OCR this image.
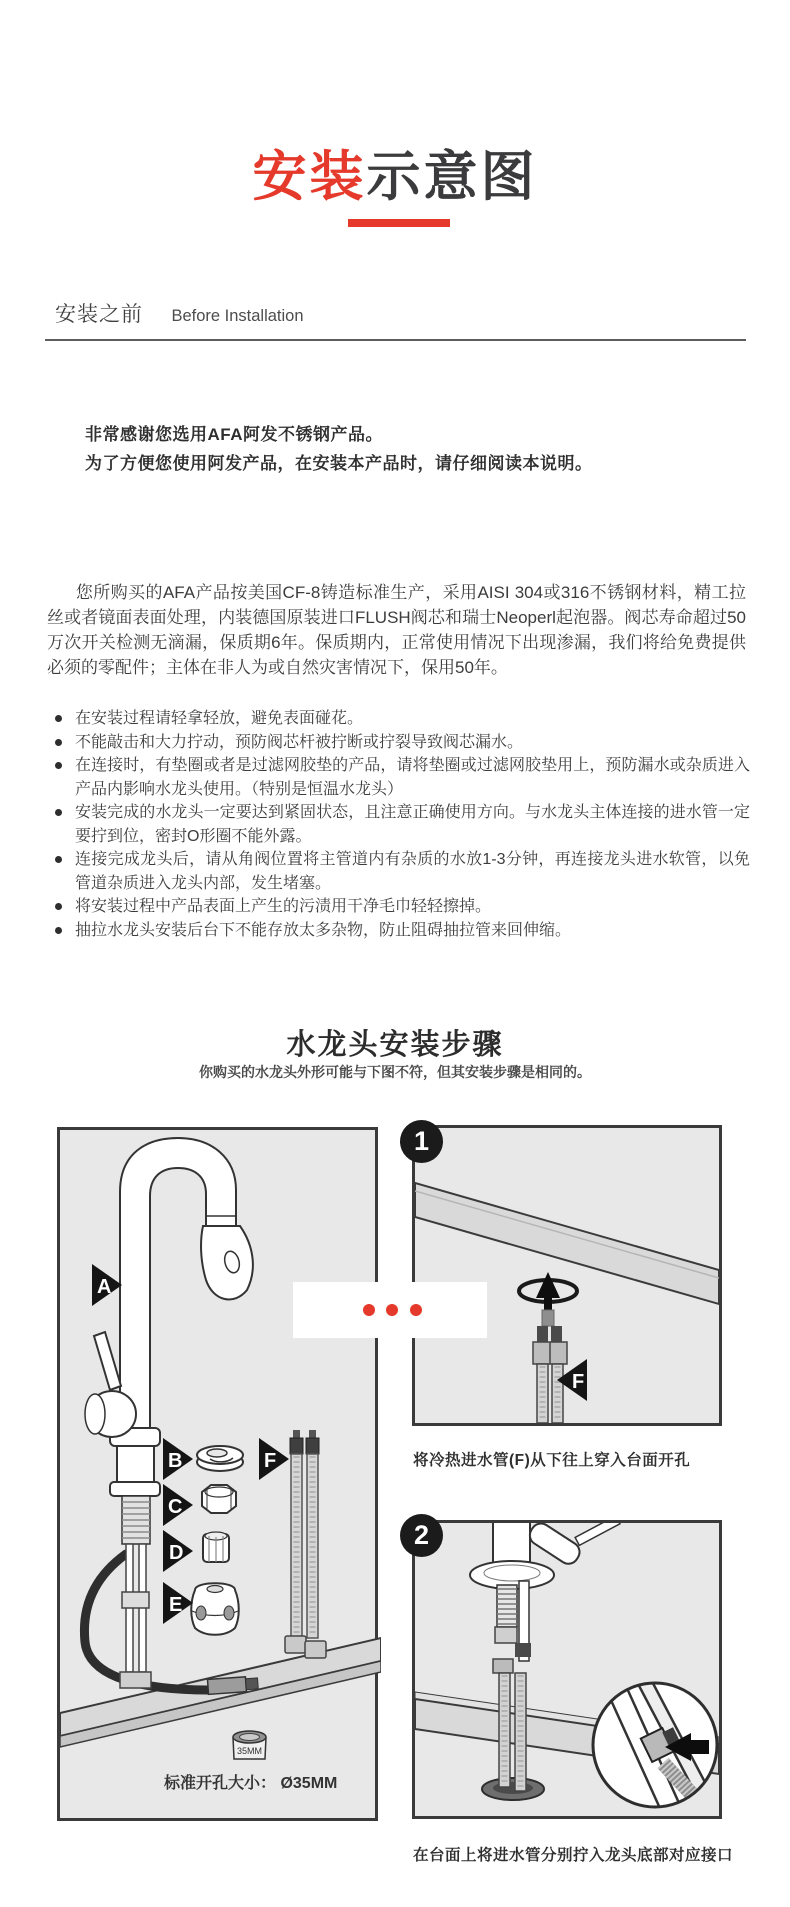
安装示意图
安装之前 Before Installation
非常感谢您选用AFA阿发不锈钢产品。
为了方便您使用阿发产品，在安装本产品时，请仔细阅读本说明。
您所购买的AFA产品按美国CF-8铸造标准生产，采用AISI 304或316不锈钢材料，精工拉丝或者镜面表面处理，内装德国原装进口FLUSH阀芯和瑞士Neoperl起泡器。阀芯寿命超过50万次开关检测无滴漏，保质期6年。保质期内，正常使用情况下出现渗漏，我们将给免费提供必须的零配件；主体在非人为或自然灾害情况下，保用50年。
在安装过程请轻拿轻放，避免表面碰花。
不能敲击和大力拧动，预防阀芯杆被拧断或拧裂导致阀芯漏水。
在连接时，有垫圈或者是过滤网胶垫的产品，请将垫圈或过滤网胶垫用上，预防漏水或杂质进入产品内影响水龙头使用。（特别是恒温水龙头）
安装完成的水龙头一定要达到紧固状态，且注意正确使用方向。与水龙头主体连接的进水管一定要拧到位，密封O形圈不能外露。
连接完成龙头后，请从角阀位置将主管道内有杂质的水放1-3分钟，再连接龙头进水软管，以免管道杂质进入龙头内部，发生堵塞。
将安装过程中产品表面上产生的污渍用干净毛巾轻轻擦掉。
抽拉水龙头安装后台下不能存放太多杂物，防止阻碍抽拉管来回伸缩。
水龙头安装步骤
你购买的水龙头外形可能与下图不符，但其安装步骤是相同的。
A
B
C
D
E
F
35MM
标准开孔大小： Ø35MM
F
1
将冷热进水管(F)从下往上穿入台面开孔
2
在台面上将进水管分别拧入龙头底部对应接口
